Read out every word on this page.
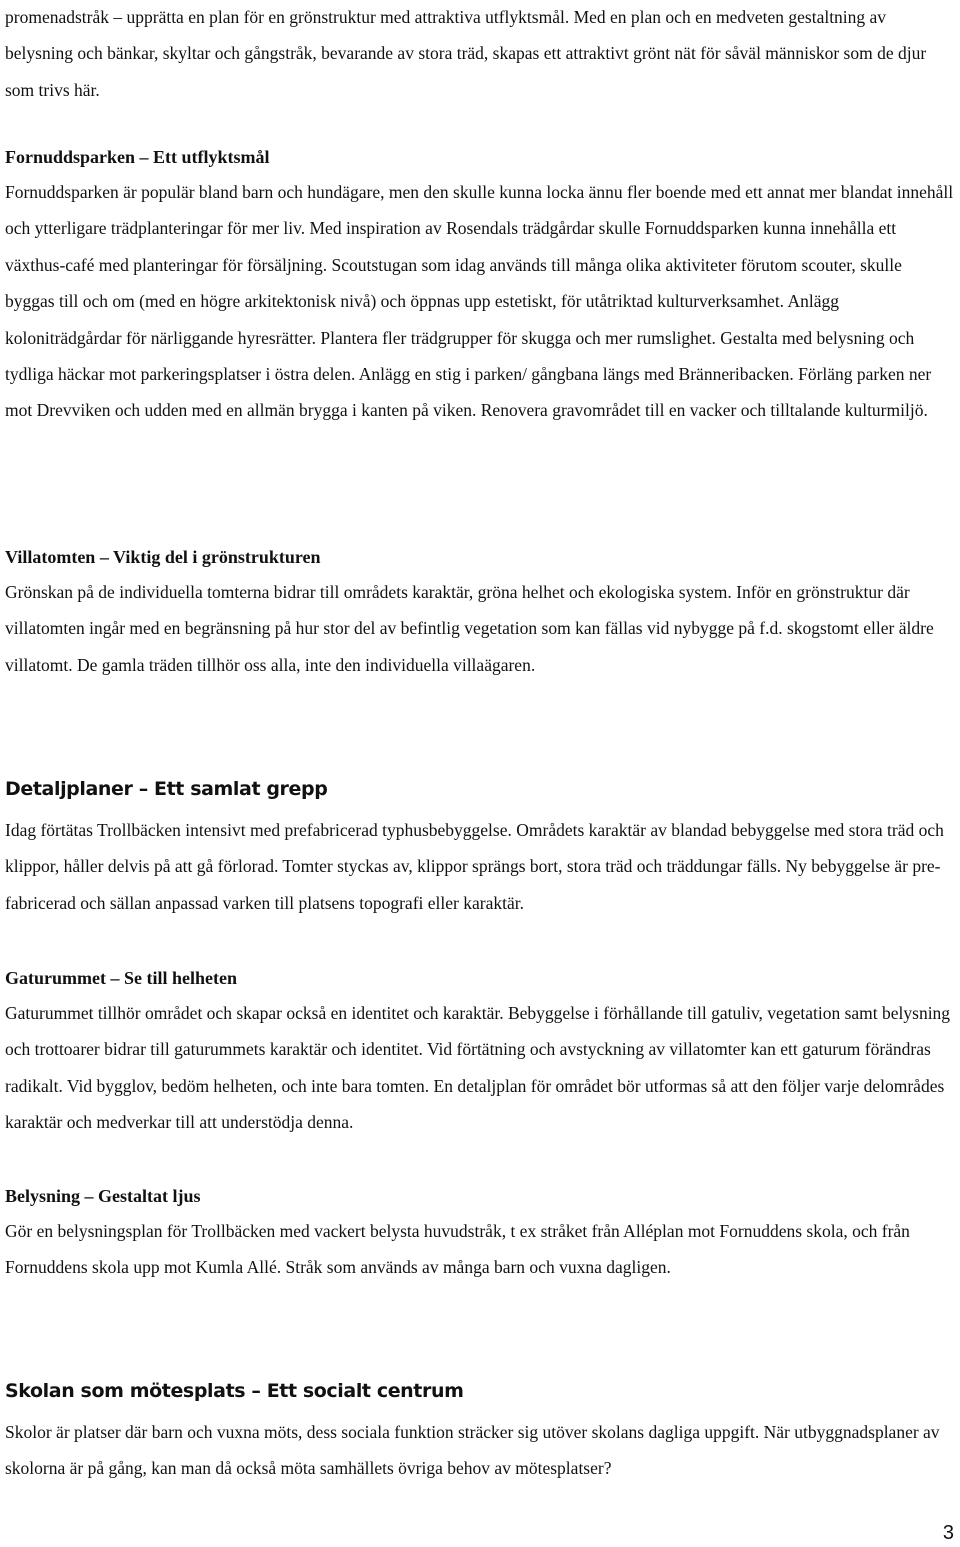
promenadstråk – upprätta en plan för en grönstruktur med attraktiva utflyktsmål. Med en plan och en medveten gestaltning av belysning och bänkar, skyltar och gångstråk, bevarande av stora träd, skapas ett attraktivt grönt nät för såväl människor som de djur som trivs här.

Fornuddsparken – Ett utflyktsmål

Fornuddsparken är populär bland barn och hundägare, men den skulle kunna locka ännu fler boende med ett annat mer blandat innehåll och ytterligare trädplanteringar för mer liv. Med inspiration av Rosendals trädgårdar skulle Fornuddsparken kunna innehålla ett växthus-café med planteringar för försäljning. Scoutstugan som idag används till många olika aktiviteter förutom scouter, skulle byggas till och om (med en högre arkitektonisk nivå) och öppnas upp estetiskt, för utåtriktad kulturverksamhet. Anlägg koloniträdgårdar för närliggande hyresrätter. Plantera fler trädgrupper för skugga och mer rumslighet. Gestalta med belysning och tydliga häckar mot parkeringsplatser i östra delen. Anlägg en stig i parken/ gångbana längs med Bränneribacken. Förläng parken ner mot Drevviken och udden med en allmän brygga i kanten på viken. Renovera gravområdet till en vacker och tilltalande kulturmiljö.

Villatomten – Viktig del i grönstrukturen

Grönskan på de individuella tomterna bidrar till områdets karaktär, gröna helhet och ekologiska system. Inför en grönstruktur där villatomten ingår med en begränsning på hur stor del av befintlig vegetation som kan fällas vid nybygge på f.d. skogstomt eller äldre villatomt. De gamla träden tillhör oss alla, inte den individuella villaägaren.

Detaljplaner – Ett samlat grepp

Idag förtätas Trollbäcken intensivt med prefabricerad typhusbebyggelse. Områdets karaktär av blandad bebyggelse med stora träd och klippor, håller delvis på att gå förlorad. Tomter styckas av, klippor sprängs bort, stora träd och träddungar fälls. Ny bebyggelse är pre-fabricerad och sällan anpassad varken till platsens topografi eller karaktär.

Gaturummet – Se till helheten

Gaturummet tillhör området och skapar också en identitet och karaktär. Bebyggelse i förhållande till gatuliv, vegetation samt belysning och trottoarer bidrar till gaturummets karaktär och identitet. Vid förtätning och avstyckning av villatomter kan ett gaturum förändras radikalt. Vid bygglov, bedöm helheten, och inte bara tomten. En detaljplan för området bör utformas så att den följer varje delområdes karaktär och medverkar till att understödja denna.

Belysning – Gestaltat ljus

Gör en belysningsplan för Trollbäcken med vackert belysta huvudstråk, t ex stråket från Alléplan mot Fornuddens skola, och från Fornuddens skola upp mot Kumla Allé. Stråk som används av många barn och vuxna dagligen.

Skolan som mötesplats – Ett socialt centrum

Skolor är platser där barn och vuxna möts, dess sociala funktion sträcker sig utöver skolans dagliga uppgift. När utbyggnadsplaner av skolorna är på gång, kan man då också möta samhällets övriga behov av mötesplatser?

3
